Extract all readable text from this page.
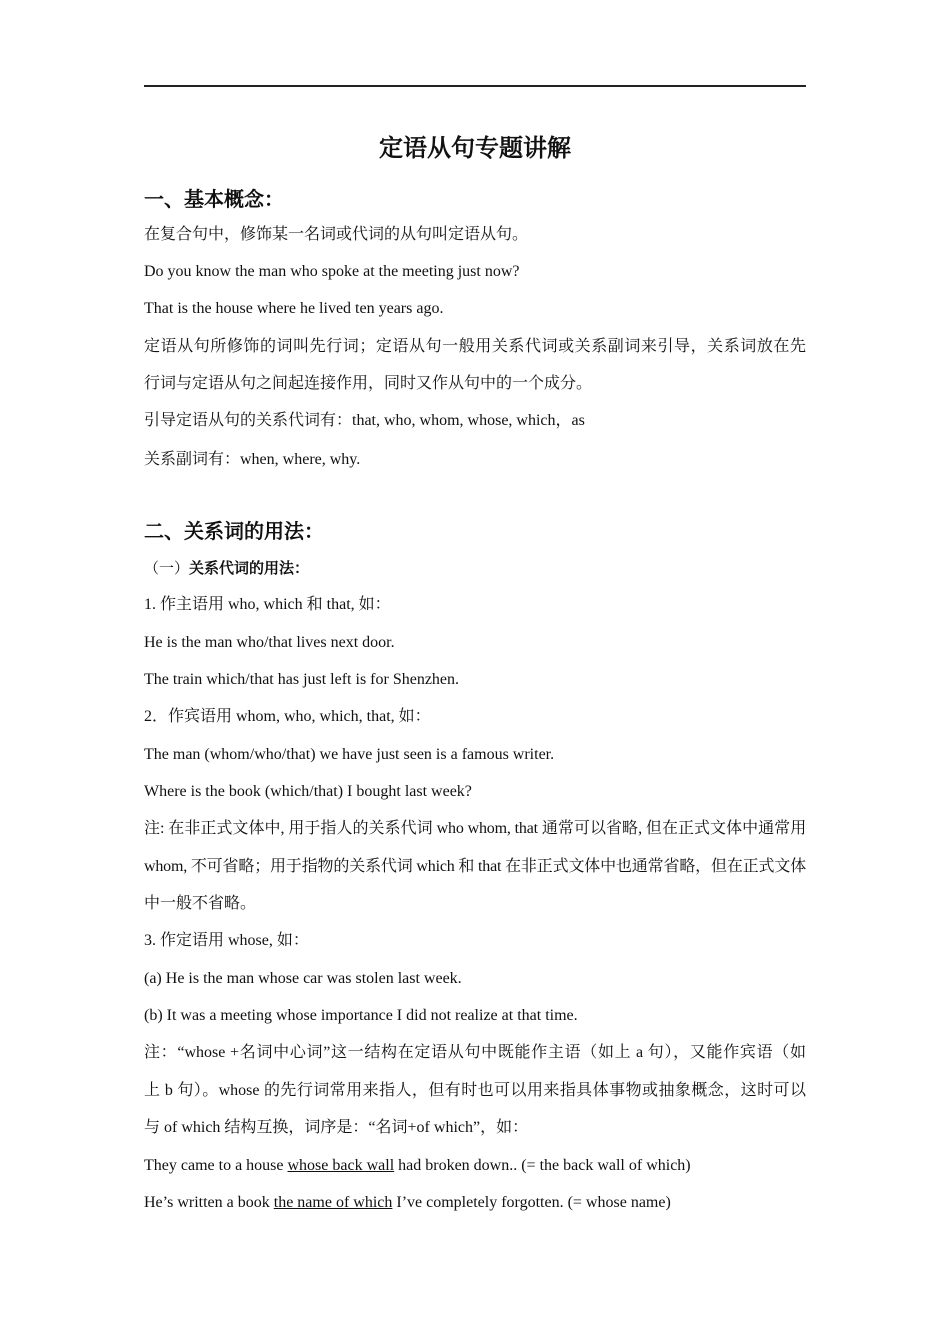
定语从句专题讲解
一、基本概念：
在复合句中，修饰某一名词或代词的从句叫定语从句。
Do you know the man who spoke at the meeting just now?
That is the house where he lived ten years ago.
定语从句所修饰的词叫先行词；定语从句一般用关系代词或关系副词来引导，关系词放在先
行词与定语从句之间起连接作用，同时又作从句中的一个成分。
引导定语从句的关系代词有：that, who, whom, whose, which，as
关系副词有：when, where, why.
二、关系词的用法：
（一）关系代词的用法：
1. 作主语用 who, which 和 that, 如：
He is the man who/that lives next door.
The train which/that has just left is for Shenzhen.
2．作宾语用 whom, who, which, that, 如：
The man (whom/who/that) we have just seen is a famous writer.
Where is the book (which/that) I bought last week?
注: 在非正式文体中, 用于指人的关系代词 who whom, that 通常可以省略, 但在正式文体中通常用
whom, 不可省略；用于指物的关系代词 which 和 that 在非正式文体中也通常省略，但在正式文体
中一般不省略。
3. 作定语用 whose, 如：
(a) He is the man whose car was stolen last week.
(b) It was a meeting whose importance I did not realize at that time.
注：“whose +名词中心词”这一结构在定语从句中既能作主语（如上 a 句），又能作宾语（如
上 b 句）。whose 的先行词常用来指人，但有时也可以用来指具体事物或抽象概念，这时可以
与 of which 结构互换，词序是：“名词+of which”，如：
They came to a house whose back wall had broken down.. (= the back wall of which)
He’s written a book the name of which I’ve completely forgotten. (= whose name)
